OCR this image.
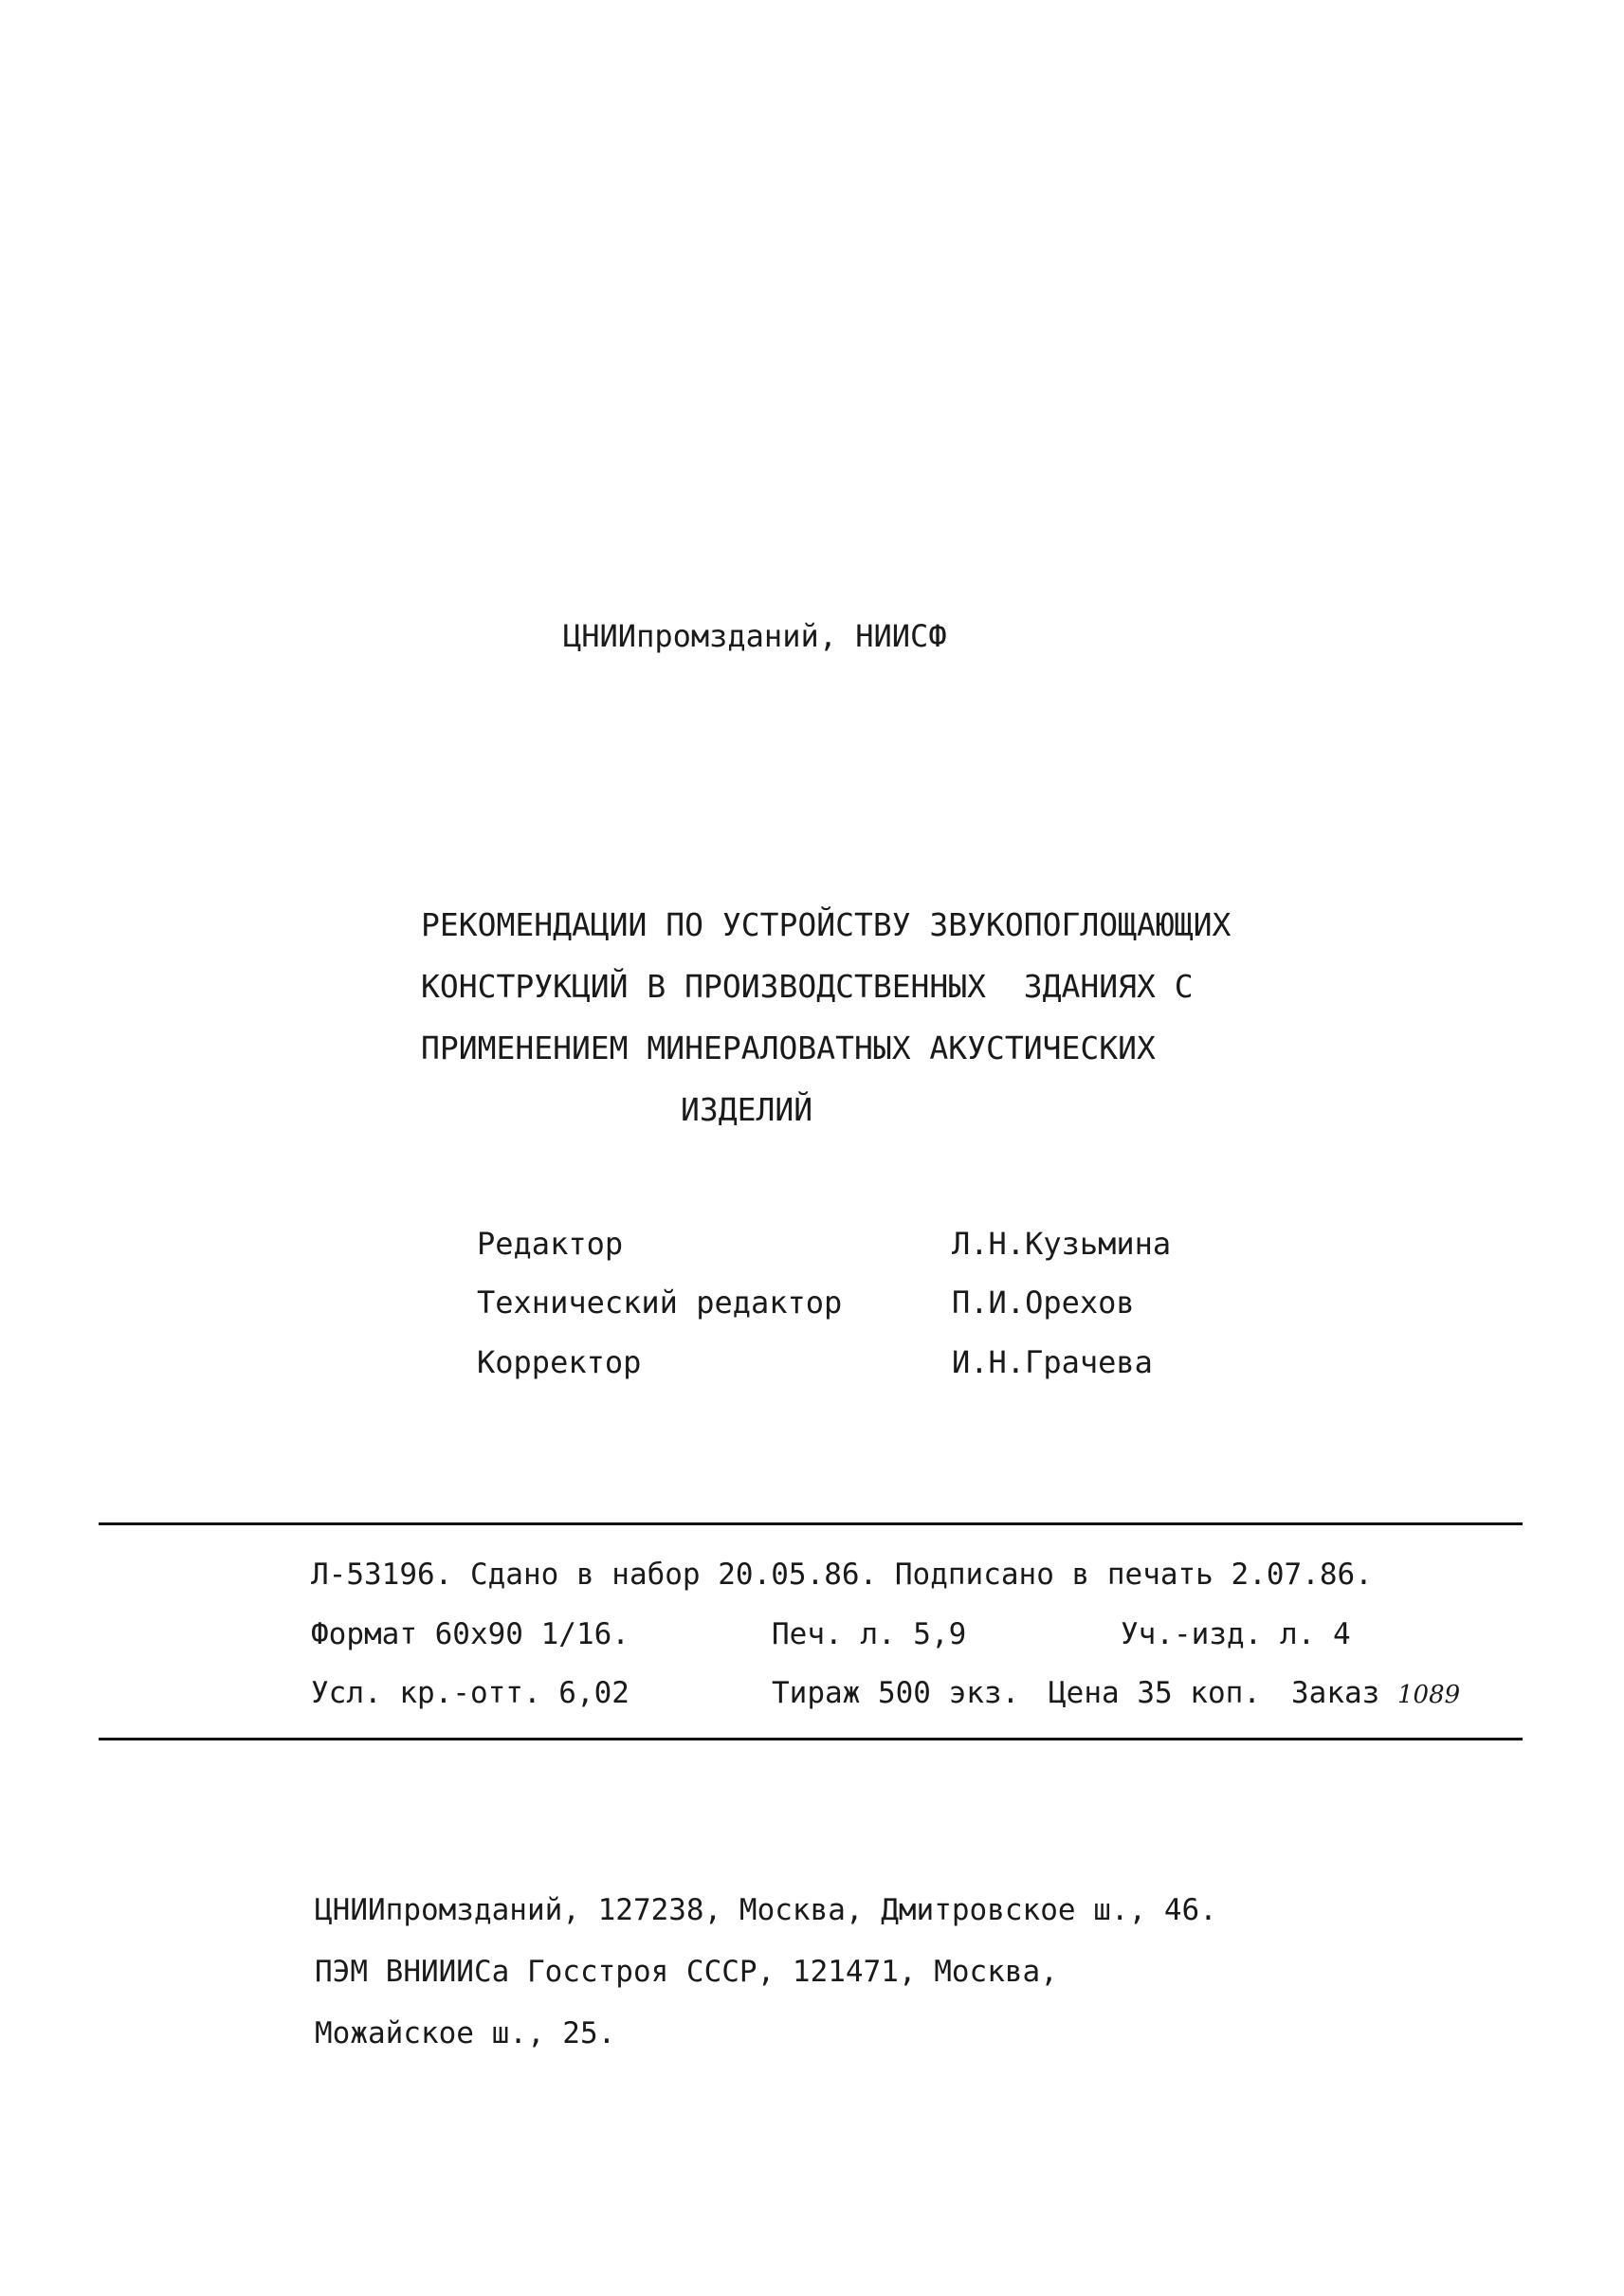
ЦНИИпромзданий, НИИСФ
РЕКОМЕНДАЦИИ ПО УСТРОЙСТВУ ЗВУКОПОГЛОЩАЮЩИХ
КОНСТРУКЦИЙ В ПРОИЗВОДСТВЕННЫХ  ЗДАНИЯХ С
ПРИМЕНЕНИЕМ МИНЕРАЛОВАТНЫХ АКУСТИЧЕСКИХ
ИЗДЕЛИЙ
Редактор	Л.Н.Кузьмина
Технический редактор	П.И.Орехов
Корректор	И.Н.Грачева
Л-53196. Сдано в набор 20.05.86. Подписано в печать 2.07.86.
Формат 60x90 1/16.	Печ. л. 5,9	Уч.-изд. л. 4
Усл. кр.-отт. 6,02	Тираж 500 экз. Цена 35 коп. Заказ 1089
ЦНИИпромзданий, 127238, Москва, Дмитровское ш., 46.
ПЭМ ВНИИИСа Госстроя СССР, 121471, Москва,
Можайское ш., 25.
